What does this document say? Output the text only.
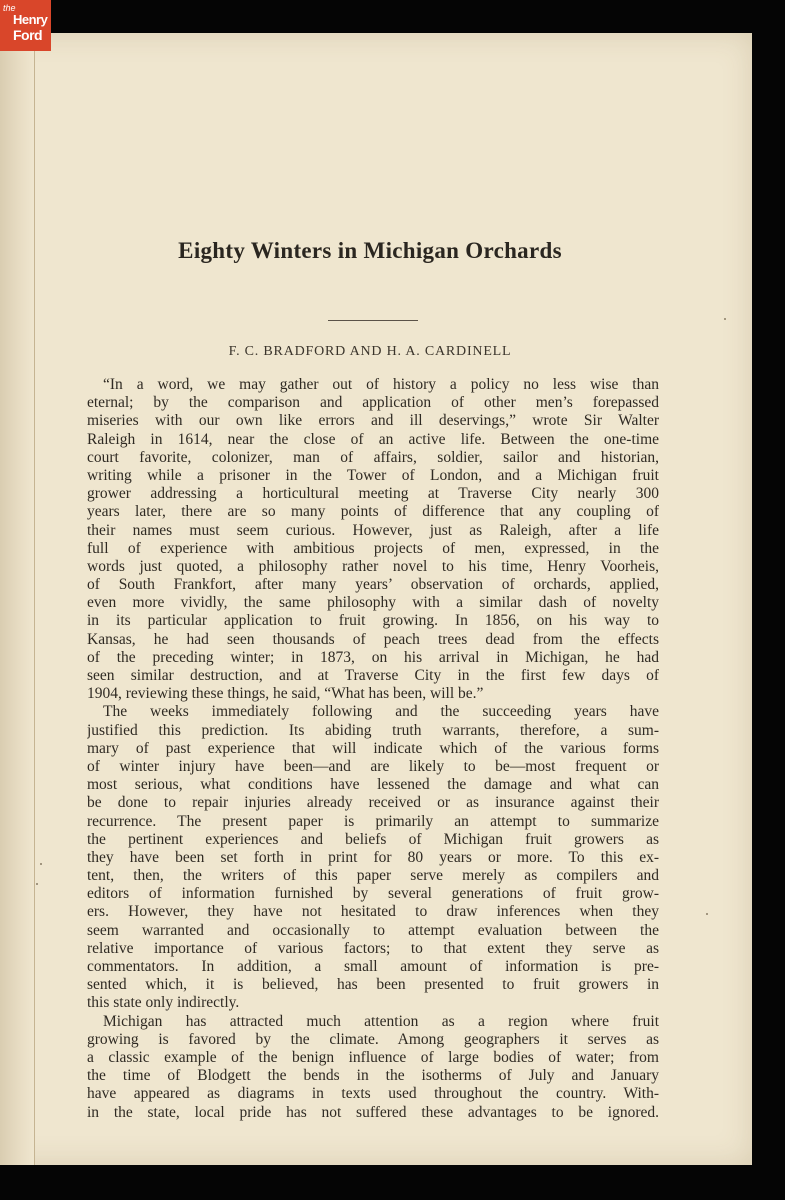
Eighty Winters in Michigan Orchards
F. C. BRADFORD AND H. A. CARDINELL
“In a word, we may gather out of history a policy no less wise than
eternal; by the comparison and application of other men’s forepassed
miseries with our own like errors and ill deservings,” wrote Sir Walter
Raleigh in 1614, near the close of an active life. Between the one-time
court favorite, colonizer, man of affairs, soldier, sailor and historian,
writing while a prisoner in the Tower of London, and a Michigan fruit
grower addressing a horticultural meeting at Traverse City nearly 300
years later, there are so many points of difference that any coupling of
their names must seem curious. However, just as Raleigh, after a life
full of experience with ambitious projects of men, expressed, in the
words just quoted, a philosophy rather novel to his time, Henry Voorheis,
of South Frankfort, after many years’ observation of orchards, applied,
even more vividly, the same philosophy with a similar dash of novelty
in its particular application to fruit growing. In 1856, on his way to
Kansas, he had seen thousands of peach trees dead from the effects
of the preceding winter; in 1873, on his arrival in Michigan, he had
seen similar destruction, and at Traverse City in the first few days of
1904, reviewing these things, he said, “What has been, will be.”
The weeks immediately following and the succeeding years have
justified this prediction. Its abiding truth warrants, therefore, a sum-
mary of past experience that will indicate which of the various forms
of winter injury have been—and are likely to be—most frequent or
most serious, what conditions have lessened the damage and what can
be done to repair injuries already received or as insurance against their
recurrence. The present paper is primarily an attempt to summarize
the pertinent experiences and beliefs of Michigan fruit growers as
they have been set forth in print for 80 years or more. To this ex-
tent, then, the writers of this paper serve merely as compilers and
editors of information furnished by several generations of fruit grow-
ers. However, they have not hesitated to draw inferences when they
seem warranted and occasionally to attempt evaluation between the
relative importance of various factors; to that extent they serve as
commentators. In addition, a small amount of information is pre-
sented which, it is believed, has been presented to fruit growers in
this state only indirectly.
Michigan has attracted much attention as a region where fruit
growing is favored by the climate. Among geographers it serves as
a classic example of the benign influence of large bodies of water; from
the time of Blodgett the bends in the isotherms of July and January
have appeared as diagrams in texts used throughout the country. With-
in the state, local pride has not suffered these advantages to be ignored.
the
Henry
Ford
